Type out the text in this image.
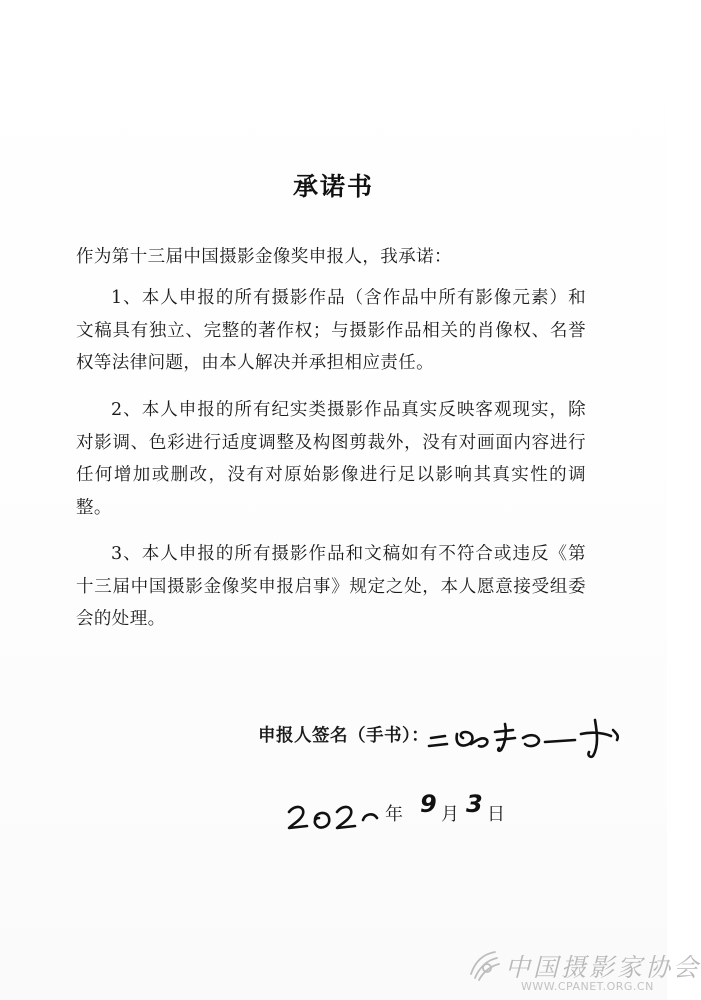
承诺书
作为第十三届中国摄影金像奖申报人，我承诺：
1、本人申报的所有摄影作品（含作品中所有影像元素）和文稿具有独立、完整的著作权；与摄影作品相关的肖像权、名誉权等法律问题，由本人解决并承担相应责任。
2、本人申报的所有纪实类摄影作品真实反映客观现实，除对影调、色彩进行适度调整及构图剪裁外，没有对画面内容进行任何增加或删改，没有对原始影像进行足以影响其真实性的调整。
3、本人申报的所有摄影作品和文稿如有不符合或违反《第十三届中国摄影金像奖申报启事》规定之处，本人愿意接受组委会的处理。
申报人签名（手书）：
年 9 月 3 日
中国摄影家协会
WWW.CPANET.ORG.CN
